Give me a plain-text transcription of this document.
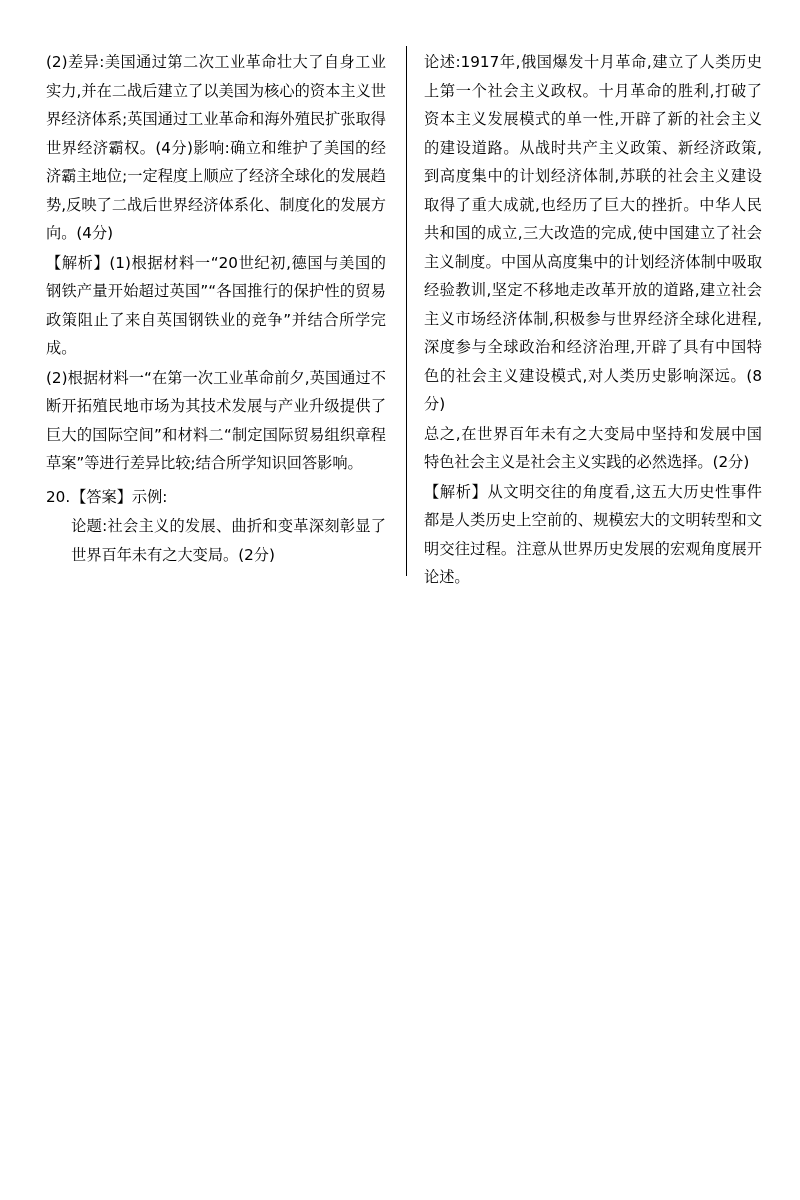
(2)差异:美国通过第二次工业革命壮大了自身工业实力,并在二战后建立了以美国为核心的资本主义世界经济体系;英国通过工业革命和海外殖民扩张取得世界经济霸权。(4分)影响:确立和维护了美国的经济霸主地位;一定程度上顺应了经济全球化的发展趋势,反映了二战后世界经济体系化、制度化的发展方向。(4分)

【解析】(1)根据材料一“20世纪初,德国与美国的钢铁产量开始超过英国”“各国推行的保护性的贸易政策阻止了来自英国钢铁业的竞争”并结合所学完成。

(2)根据材料一“在第一次工业革命前夕,英国通过不断开拓殖民地市场为其技术发展与产业升级提供了巨大的国际空间”和材料二“制定国际贸易组织章程草案”等进行差异比较;结合所学知识回答影响。

20. 【答案】示例:

论题:社会主义的发展、曲折和变革深刻彰显了世界百年未有之大变局。(2分)

论述:1917年,俄国爆发十月革命,建立了人类历史上第一个社会主义政权。十月革命的胜利,打破了资本主义发展模式的单一性,开辟了新的社会主义的建设道路。从战时共产主义政策、新经济政策,到高度集中的计划经济体制,苏联的社会主义建设取得了重大成就,也经历了巨大的挫折。中华人民共和国的成立,三大改造的完成,使中国建立了社会主义制度。中国从高度集中的计划经济体制中吸取经验教训,坚定不移地走改革开放的道路,建立社会主义市场经济体制,积极参与世界经济全球化进程,深度参与全球政治和经济治理,开辟了具有中国特色的社会主义建设模式,对人类历史影响深远。(8分)

总之,在世界百年未有之大变局中坚持和发展中国特色社会主义是社会主义实践的必然选择。(2分)

【解析】从文明交往的角度看,这五大历史性事件都是人类历史上空前的、规模宏大的文明转型和文明交往过程。注意从世界历史发展的宏观角度展开论述。
